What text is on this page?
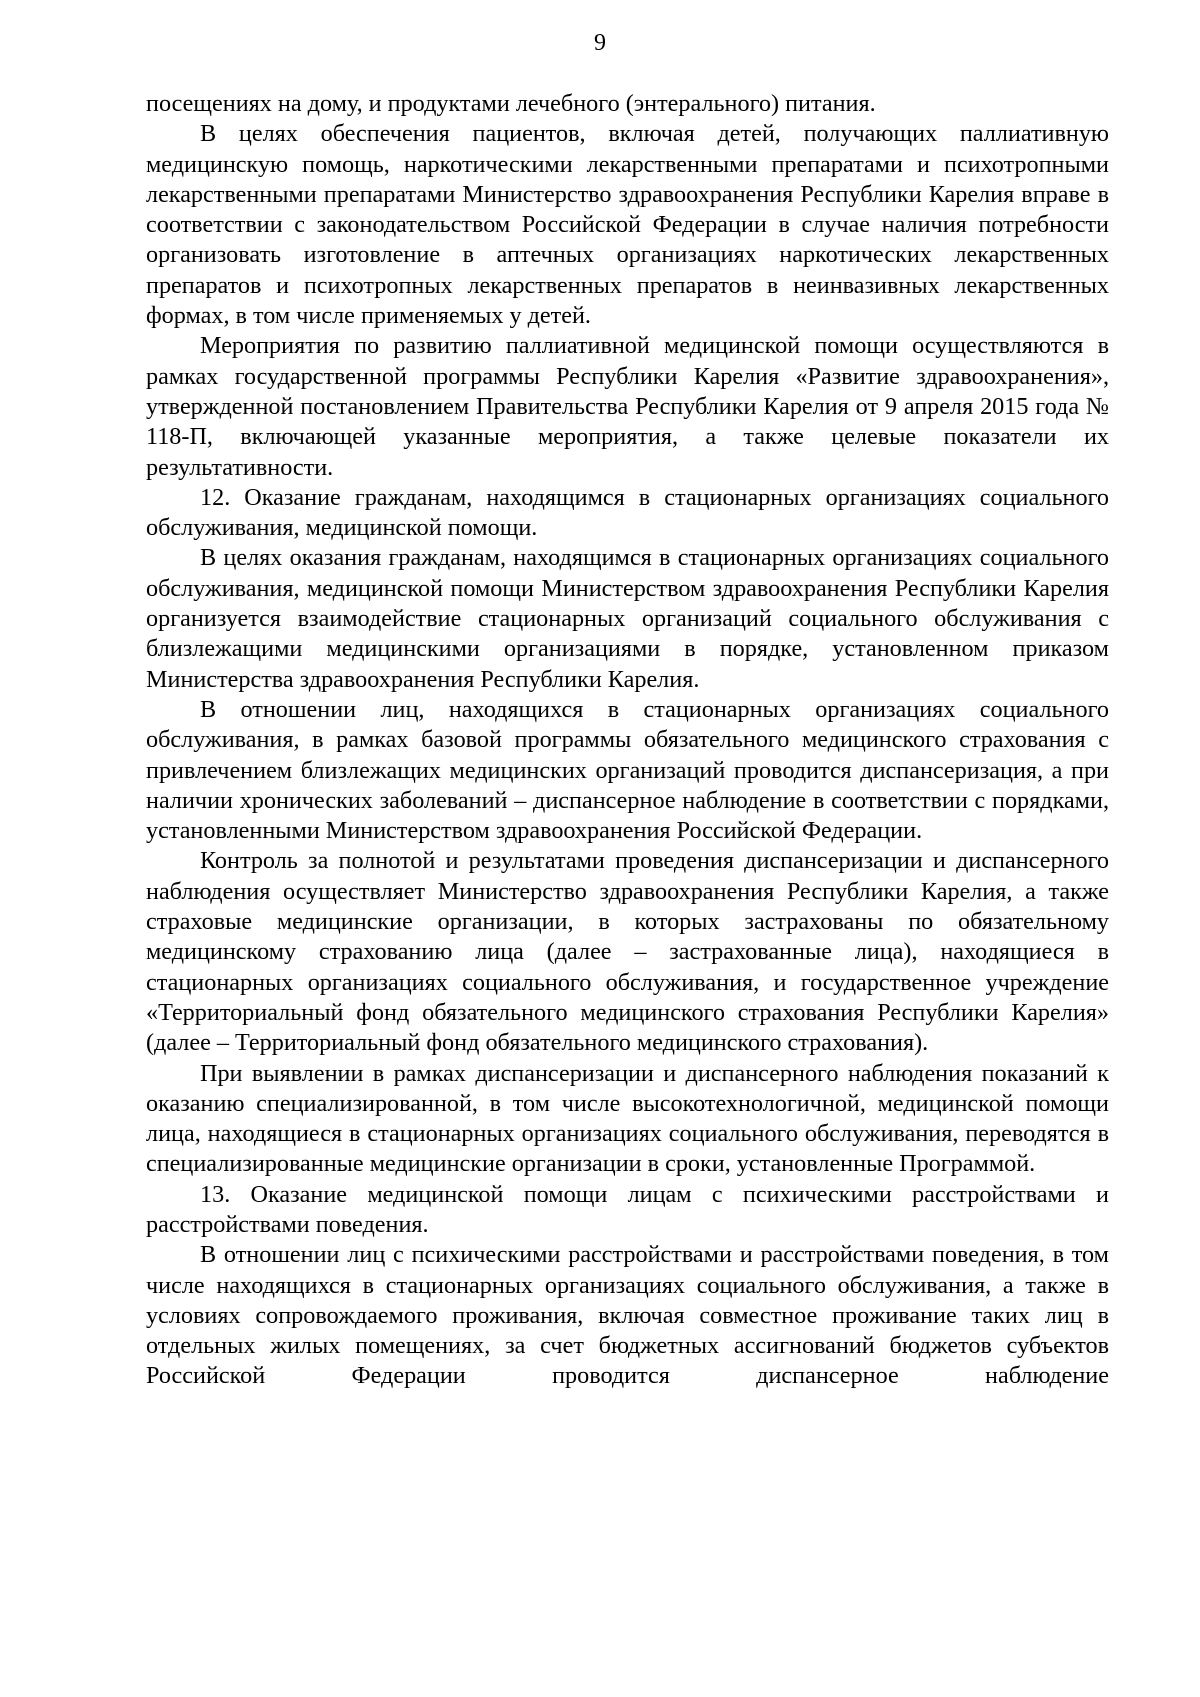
9

посещениях на дому, и продуктами лечебного (энтерального) питания.

В целях обеспечения пациентов, включая детей, получающих паллиативную медицинскую помощь, наркотическими лекарственными препаратами и психотропными лекарственными препаратами Министерство здравоохранения Республики Карелия вправе в соответствии с законодательством Российской Федерации в случае наличия потребности организовать изготовление в аптечных организациях наркотических лекарственных препаратов и психотропных лекарственных препаратов в неинвазивных лекарственных формах, в том числе применяемых у детей.

Мероприятия по развитию паллиативной медицинской помощи осуществляются в рамках государственной программы Республики Карелия «Развитие здравоохранения», утвержденной постановлением Правительства Республики Карелия от 9 апреля 2015 года № 118-П, включающей указанные мероприятия, а также целевые показатели их результативности.

12. Оказание гражданам, находящимся в стационарных организациях социального обслуживания, медицинской помощи.

В целях оказания гражданам, находящимся в стационарных организациях социального обслуживания, медицинской помощи Министерством здравоохранения Республики Карелия организуется взаимодействие стационарных организаций социального обслуживания с близлежащими медицинскими организациями в порядке, установленном приказом Министерства здравоохранения Республики Карелия.

В отношении лиц, находящихся в стационарных организациях социального обслуживания, в рамках базовой программы обязательного медицинского страхования с привлечением близлежащих медицинских организаций проводится диспансеризация, а при наличии хронических заболеваний – диспансерное наблюдение в соответствии с порядками, установленными Министерством здравоохранения Российской Федерации.

Контроль за полнотой и результатами проведения диспансеризации и диспансерного наблюдения осуществляет Министерство здравоохранения Республики Карелия, а также страховые медицинские организации, в которых застрахованы по обязательному медицинскому страхованию лица (далее – застрахованные лица), находящиеся в стационарных организациях социального обслуживания, и государственное учреждение «Территориальный фонд обязательного медицинского страхования Республики Карелия» (далее – Территориальный фонд обязательного медицинского страхования).

При выявлении в рамках диспансеризации и диспансерного наблюдения показаний к оказанию специализированной, в том числе высокотехнологичной, медицинской помощи лица, находящиеся в стационарных организациях социального обслуживания, переводятся в специализированные медицинские организации в сроки, установленные Программой.

13. Оказание медицинской помощи лицам с психическими расстройствами и расстройствами поведения.

В отношении лиц с психическими расстройствами и расстройствами поведения, в том числе находящихся в стационарных организациях социального обслуживания, а также в условиях сопровождаемого проживания, включая совместное проживание таких лиц в отдельных жилых помещениях, за счет бюджетных ассигнований бюджетов субъектов Российской Федерации проводится диспансерное наблюдение
